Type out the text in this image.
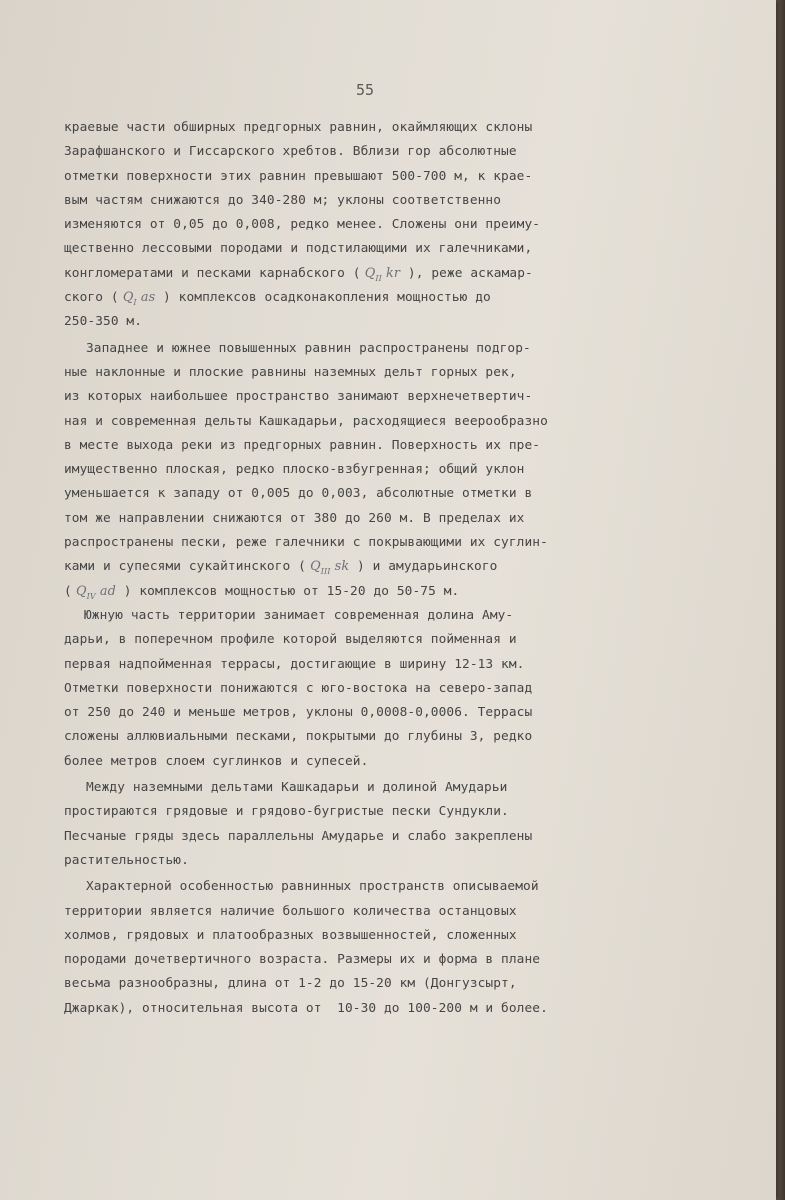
55
краевые части обширных предгорных равнин, окаймляющих склоны
Зарафшанского и Гиссарского хребтов. Вблизи гор абсолютные
отметки поверхности этих равнин превышают 500-700 м, к крае-
вым частям снижаются до 340-280 м; уклоны соответственно
изменяются от 0,05 до 0,008, редко менее. Сложены они преиму-
щественно лессовыми породами и подстилающими их галечниками,
конгломератами и песками карнабского ( $Q_{II}$ kr ), реже аскамар-
ского ( $Q_I$ as ) комплексов осадконакопления мощностью до
250-350 м.
Западнее и южнее повышенных равнин распространены подгор-
ные наклонные и плоские равнины наземных дельт горных рек,
из которых наибольшее пространство занимают верхнечетвертич-
ная и современная дельты Кашкадарьи, расходящиеся веерообразно
в месте выхода реки из предгорных равнин. Поверхность их пре-
имущественно плоская, редко плоско-взбугренная; общий уклон
уменьшается к западу от 0,005 до 0,003, абсолютные отметки в
том же направлении снижаются от 380 до 260 м. В пределах их
распространены пески, реже галечники с покрывающими их суглин-
ками и супесями сукайтинского ( $Q_{III}$ sk ) и амударьинского
( $Q_{IV}$ ad ) комплексов мощностью от 15-20 до 50-75 м.
Южную часть территории занимает современная долина Аму-
дарьи, в поперечном профиле которой выделяются пойменная и
первая надпойменная террасы, достигающие в ширину 12-13 км.
Отметки поверхности понижаются с юго-востока на северо-запад
от 250 до 240 и меньше метров, уклоны 0,0008-0,0006. Террасы
сложены аллювиальными песками, покрытыми до глубины 3, редко
более метров слоем суглинков и супесей.
Между наземными дельтами Кашкадарьи и долиной Амударьи
простираются грядовые и грядово-бугристые пески Сундукли.
Песчаные гряды здесь параллельны Амударье и слабо закреплены
растительностью.
Характерной особенностью равнинных пространств описываемой
территории является наличие большого количества останцовых
холмов, грядовых и платообразных возвышенностей, сложенных
породами дочетвертичного возраста. Размеры их и форма в плане
весьма разнообразны, длина от 1-2 до 15-20 км (Донгузсырт,
Джаркак), относительная высота от  10-30 до 100-200 м и более.
